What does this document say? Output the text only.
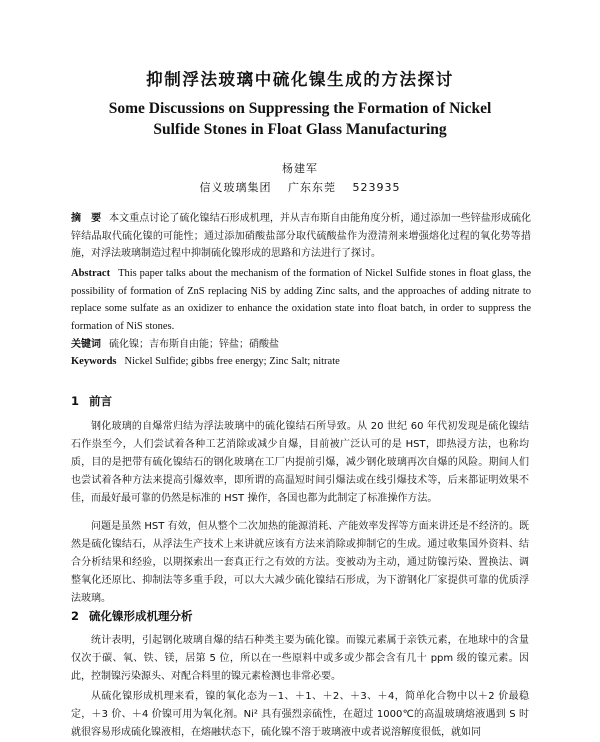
抑制浮法玻璃中硫化镍生成的方法探讨
Some Discussions on Suppressing the Formation of Nickel
Sulfide Stones in Float Glass Manufacturing
杨建军
信义玻璃集团 广东东莞 523935
摘　要 本文重点讨论了硫化镍结石形成机理，并从吉布斯自由能角度分析，通过添加一些锌盐形成硫化锌结晶取代硫化镍的可能性；通过添加硝酸盐部分取代硫酸盐作为澄清剂来增强熔化过程的氧化势等措施，对浮法玻璃制造过程中抑制硫化镍形成的思路和方法进行了探讨。
Abstract This paper talks about the mechanism of the formation of Nickel Sulfide stones in float glass, the possibility of formation of ZnS replacing NiS by adding Zinc salts, and the approaches of adding nitrate to replace some sulfate as an oxidizer to enhance the oxidation state into float batch, in order to suppress the formation of NiS stones.
关键词 硫化镍；吉布斯自由能；锌盐；硝酸盐
Keywords Nickel Sulfide; gibbs free energy; Zinc Salt; nitrate
1 前言
钢化玻璃的自爆常归结为浮法玻璃中的硫化镍结石所导致。从 20 世纪 60 年代初发现是硫化镍结石作祟至今，人们尝试着各种工艺消除或减少自爆，目前被广泛认可的是 HST，即热浸方法，也称均质，目的是把带有硫化镍结石的钢化玻璃在工厂内提前引爆，减少钢化玻璃再次自爆的风险。期间人们也尝试着各种方法来提高引爆效率，即所谓的高温短时间引爆法或在线引爆技术等，后来都证明效果不佳，而最好最可靠的仍然是标准的 HST 操作，各国也都为此制定了标准操作方法。
问题是虽然 HST 有效，但从整个二次加热的能源消耗、产能效率发挥等方面来讲还是不经济的。既然是硫化镍结石，从浮法生产技术上来讲就应该有方法来消除或抑制它的生成。通过收集国外资料、结合分析结果和经验，以期探索出一套真正行之有效的方法。变被动为主动，通过防镍污染、置换法、调整氧化还原比、抑制法等多重手段，可以大大减少硫化镍结石形成，为下游钢化厂家提供可靠的优质浮法玻璃。
2 硫化镍形成机理分析
统计表明，引起钢化玻璃自爆的结石种类主要为硫化镍。而镍元素属于亲铁元素，在地球中的含量仅次于碳、氧、铁、镁，居第 5 位，所以在一些原料中或多或少都会含有几十 ppm 级的镍元素。因此，控制镍污染源头、对配合料里的镍元素检测也非常必要。
从硫化镍形成机理来看，镍的氧化态为－1、＋1、＋2、＋3、＋4，简单化合物中以＋2 价最稳定，＋3 价、＋4 价镍可用为氧化剂。Ni² 具有强烈亲硫性，在超过 1000℃的高温玻璃熔液遇到 S 时就很容易形成硫化镍液相，在熔融状态下，硫化镍不溶于玻璃液中或者说溶解度很低，就如同
